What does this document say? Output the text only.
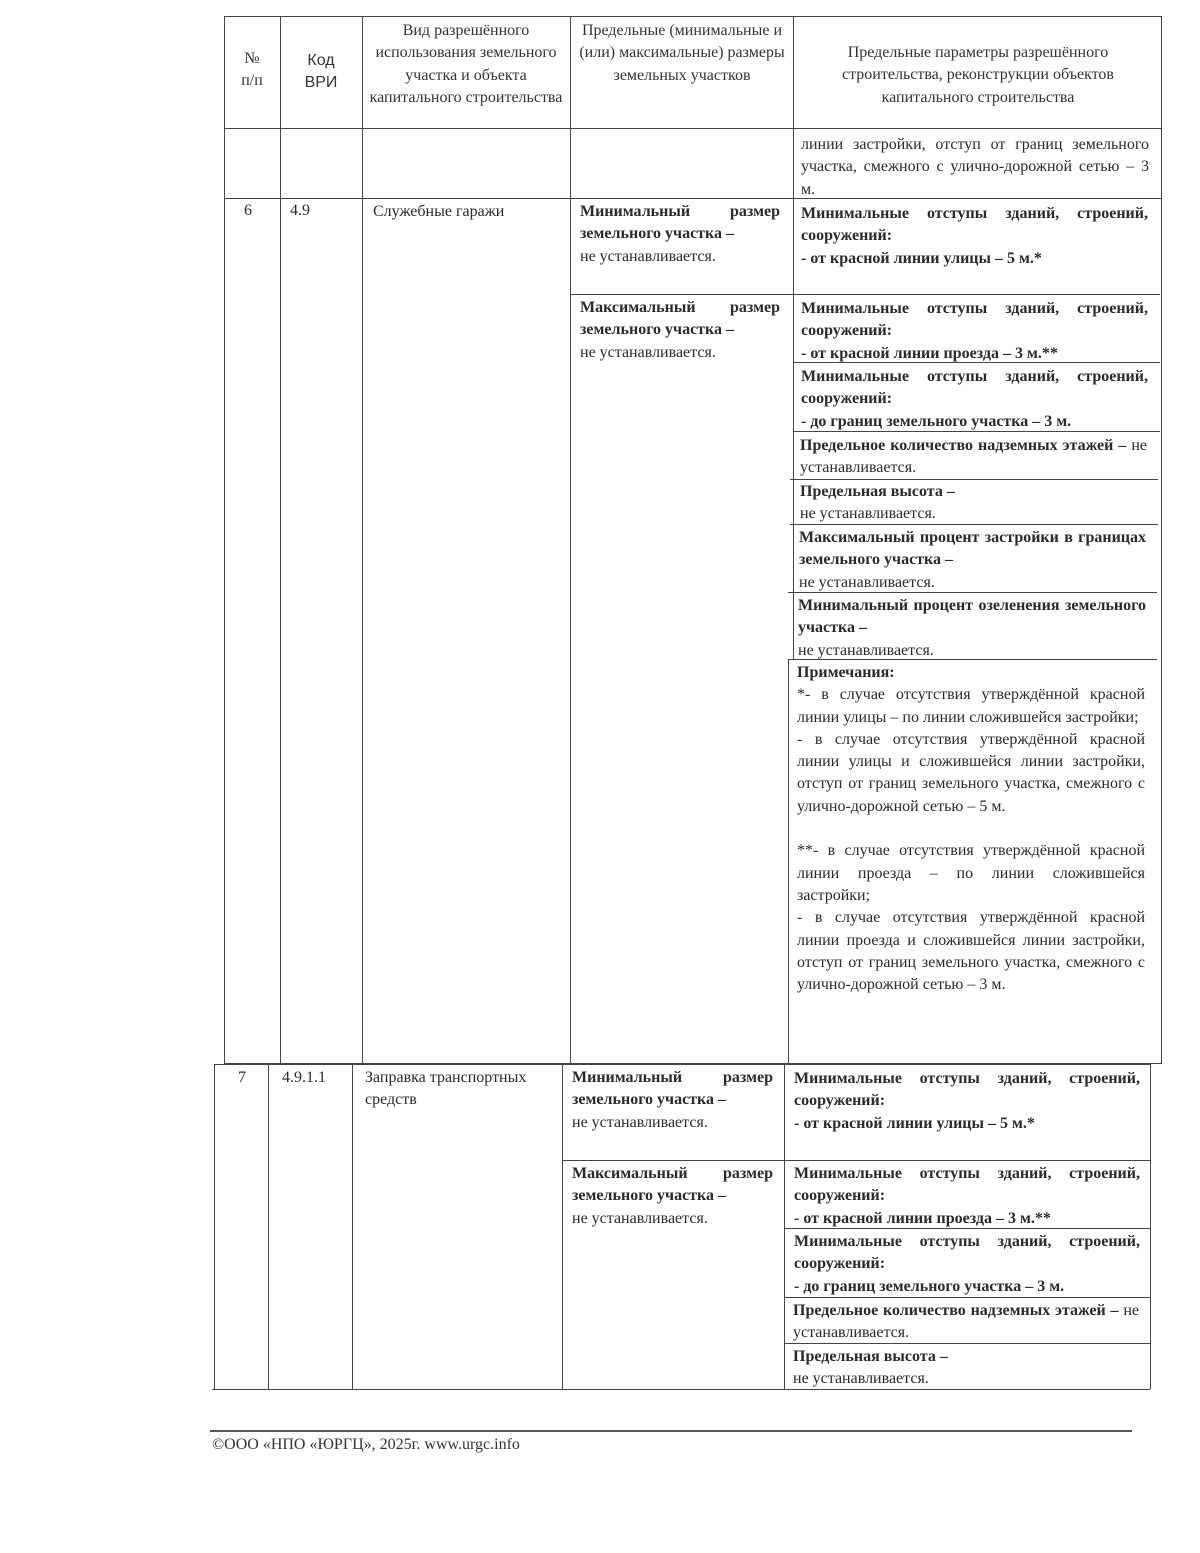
№
п/п
Код
ВРИ
Вид разрешённого использования земельного участка и объекта капитального строительства
Предельные (минимальные и (или) максимальные) размеры земельных участков
Предельные параметры разрешённого строительства, реконструкции объектов капитального строительства
линии застройки, отступ от границ земельного участка, смежного с улично-дорожной сетью – 3 м.
6 4.9	Служебные гаражи	Минимальный размер земельного участка –
не устанавливается.
Максимальный размер земельного участка –
не устанавливается.
Минимальные отступы зданий, строений, сооружений:
- от красной линии улицы – 5 м.*
Минимальные отступы зданий, строений, сооружений:
- от красной линии проезда – 3 м.**
Минимальные отступы зданий, строений, сооружений:
- до границ земельного участка – 3 м.
Предельное количество надземных этажей – не устанавливается.
Предельная высота –
не устанавливается.
Максимальный процент застройки в границах земельного участка –
не устанавливается.
Минимальный процент озеленения земельного участка –
не устанавливается.

Примечания:

*- в случае отсутствия утверждённой красной линии улицы – по линии сложившейся застройки;

- в случае отсутствия утверждённой красной линии улицы и сложившейся линии застройки, отступ от границ земельного участка, смежного с улично-дорожной сетью – 5 м.

**- в случае отсутствия утверждённой красной линии проезда – по линии сложившейся застройки;

- в случае отсутствия утверждённой красной линии проезда и сложившейся линии застройки, отступ от границ земельного участка, смежного с улично-дорожной сетью – 3 м.

7 4.9.1.1 Заправка транспортных средств
Минимальный размер земельного участка –
не устанавливается.
Максимальный размер земельного участка –
не устанавливается.
Минимальные отступы зданий, строений, сооружений:
- от красной линии улицы – 5 м.*
Минимальные отступы зданий, строений, сооружений:
- от красной линии проезда – 3 м.**
Минимальные отступы зданий, строений, сооружений:
- до границ земельного участка – 3 м.
Предельное количество надземных этажей – не устанавливается.
Предельная высота –
не устанавливается.
©ООО «НПО «ЮРГЦ», 2025г. www.urgc.info
